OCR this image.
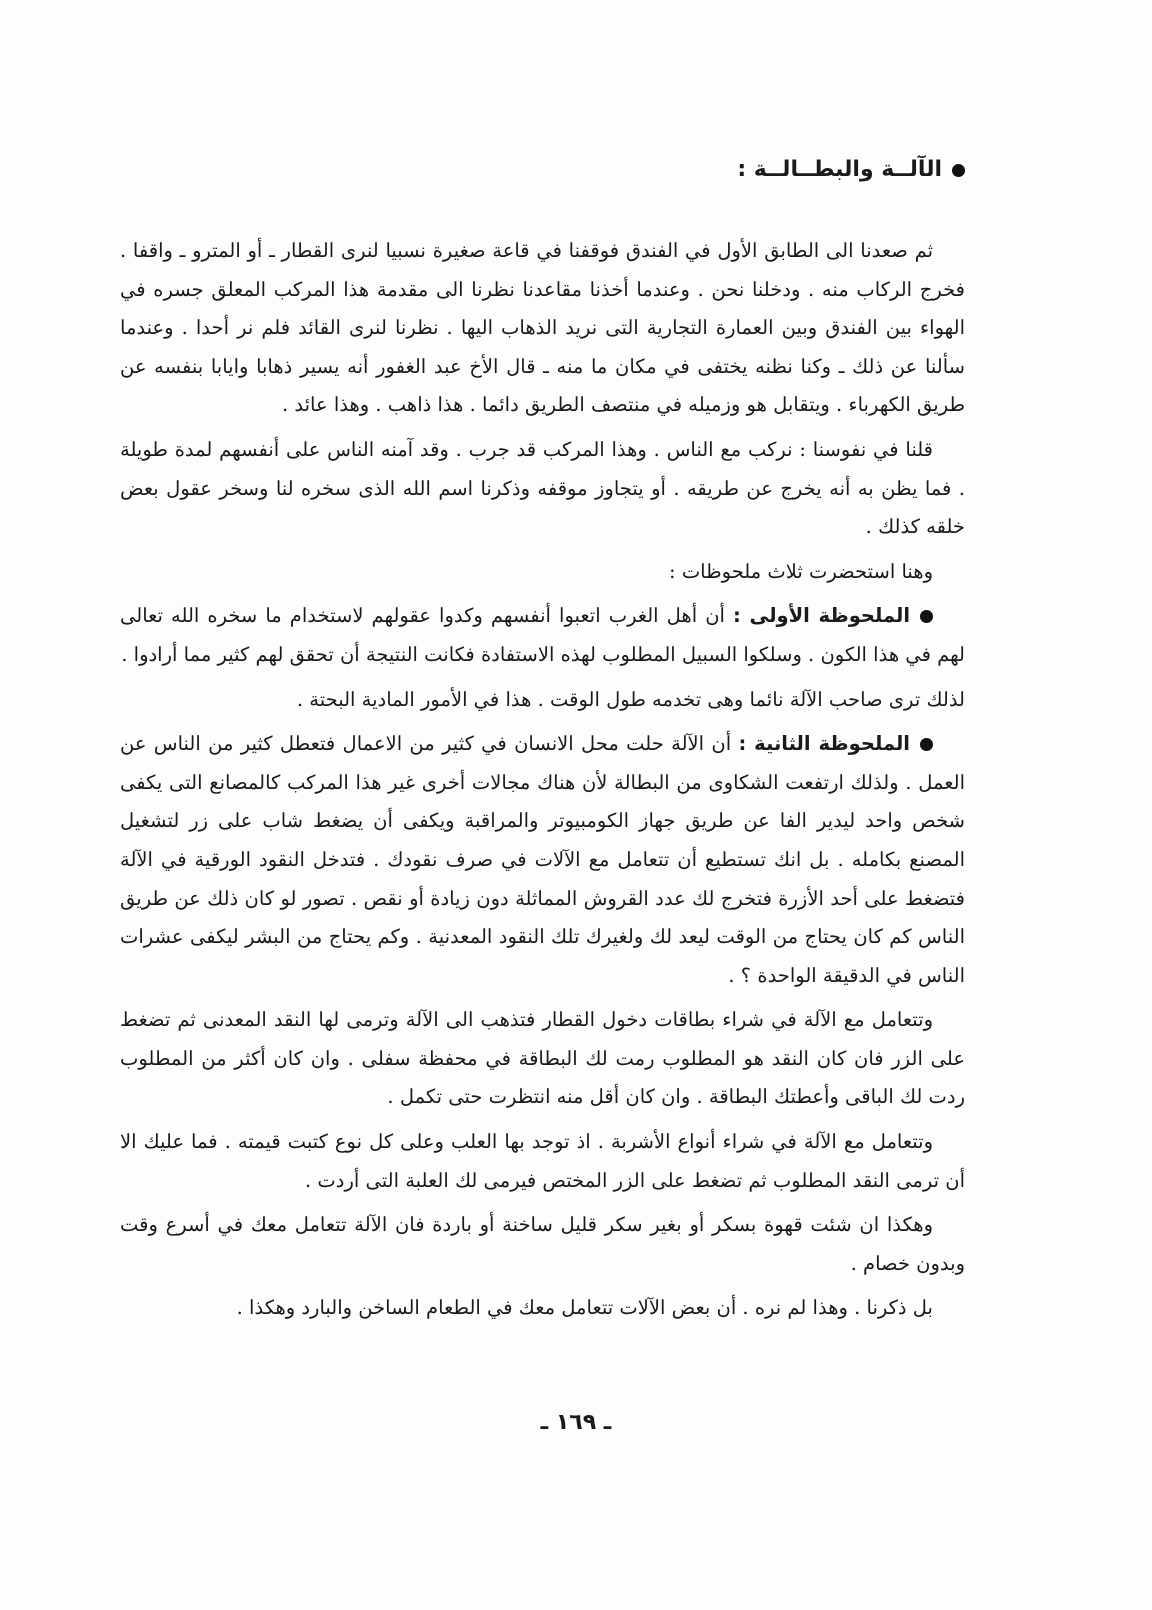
الآلــة والبطــالــة :

ثم صعدنا الى الطابق الأول في الفندق فوقفنا في قاعة صغيرة نسبيا لنرى القطار ـ أو المترو ـ واقفا . فخرج الركاب منه . ودخلنا نحن . وعندما أخذنا مقاعدنا نظرنا الى مقدمة هذا المركب المعلق جسره في الهواء بين الفندق وبين العمارة التجارية التى نريد الذهاب اليها . نظرنا لنرى القائد فلم نر أحدا . وعندما سألنا عن ذلك ـ وكنا نظنه يختفى في مكان ما منه ـ قال الأخ عبد الغفور أنه يسير ذهابا وايابا بنفسه عن طريق الكهرباء . ويتقابل هو وزميله في منتصف الطريق دائما . هذا ذاهب . وهذا عائد .

قلنا في نفوسنا : نركب مع الناس . وهذا المركب قد جرب . وقد آمنه الناس على أنفسهم لمدة طويلة . فما يظن به أنه يخرج عن طريقه . أو يتجاوز موقفه وذكرنا اسم الله الذى سخره لنا وسخر عقول بعض خلقه كذلك .

وهنا استحضرت ثلاث ملحوظات :

الملحوظة الأولى : أن أهل الغرب اتعبوا أنفسهم وكدوا عقولهم لاستخدام ما سخره الله تعالى لهم في هذا الكون . وسلكوا السبيل المطلوب لهذه الاستفادة فكانت النتيجة أن تحقق لهم كثير مما أرادوا .

لذلك ترى صاحب الآلة نائما وهى تخدمه طول الوقت . هذا في الأمور المادية البحتة .

الملحوظة الثانية : أن الآلة حلت محل الانسان في كثير من الاعمال فتعطل كثير من الناس عن العمل . ولذلك ارتفعت الشكاوى من البطالة لأن هناك مجالات أخرى غير هذا المركب كالمصانع التى يكفى شخص واحد ليدير الفا عن طريق جهاز الكومبيوتر والمراقبة ويكفى أن يضغط شاب على زر لتشغيل المصنع بكامله . بل انك تستطيع أن تتعامل مع الآلات في صرف نقودك . فتدخل النقود الورقية في الآلة فتضغط على أحد الأزرة فتخرج لك عدد القروش المماثلة دون زيادة أو نقص . تصور لو كان ذلك عن طريق الناس كم كان يحتاج من الوقت ليعد لك ولغيرك تلك النقود المعدنية . وكم يحتاج من البشر ليكفى عشرات الناس في الدقيقة الواحدة ؟ .

وتتعامل مع الآلة في شراء بطاقات دخول القطار فتذهب الى الآلة وترمى لها النقد المعدنى ثم تضغط على الزر فان كان النقد هو المطلوب رمت لك البطاقة في محفظة سفلى . وان كان أكثر من المطلوب ردت لك الباقى وأعطتك البطاقة . وان كان أقل منه انتظرت حتى تكمل .

وتتعامل مع الآلة في شراء أنواع الأشربة . اذ توجد بها العلب وعلى كل نوع كتبت قيمته . فما عليك الا أن ترمى النقد المطلوب ثم تضغط على الزر المختص فيرمى لك العلبة التى أردت .

وهكذا ان شئت قهوة بسكر أو بغير سكر قليل ساخنة أو باردة فان الآلة تتعامل معك في أسرع وقت وبدون خصام .

بل ذكرنا . وهذا لم نره . أن بعض الآلات تتعامل معك في الطعام الساخن والبارد وهكذا .

ـ ١٦٩ ـ
